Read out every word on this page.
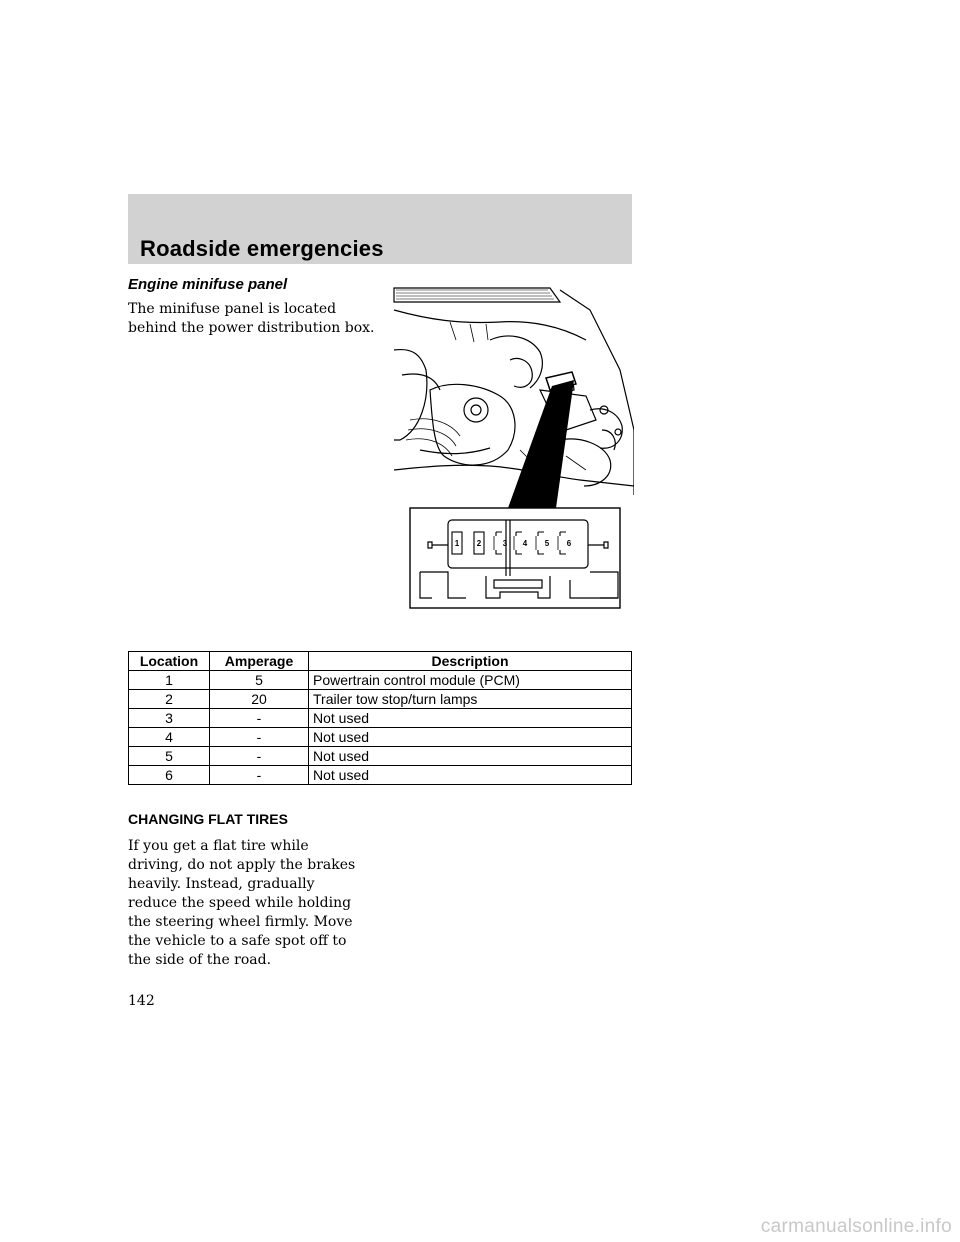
Roadside emergencies
Engine minifuse panel
The minifuse panel is located behind the power distribution box.
1 2	3 4 5 6
Location	Amperage	Description
1	5	Powertrain control module (PCM)
2	20	Trailer tow stop/turn lamps
3	-	Not used
4	-	Not used
5	-	Not used
6	-	Not used
CHANGING FLAT TIRES
If you get a flat tire while driving, do not apply the brakes heavily. Instead, gradually reduce the speed while holding the steering wheel firmly. Move the vehicle to a safe spot off to the side of the road.
142
carmanualsonline.info
